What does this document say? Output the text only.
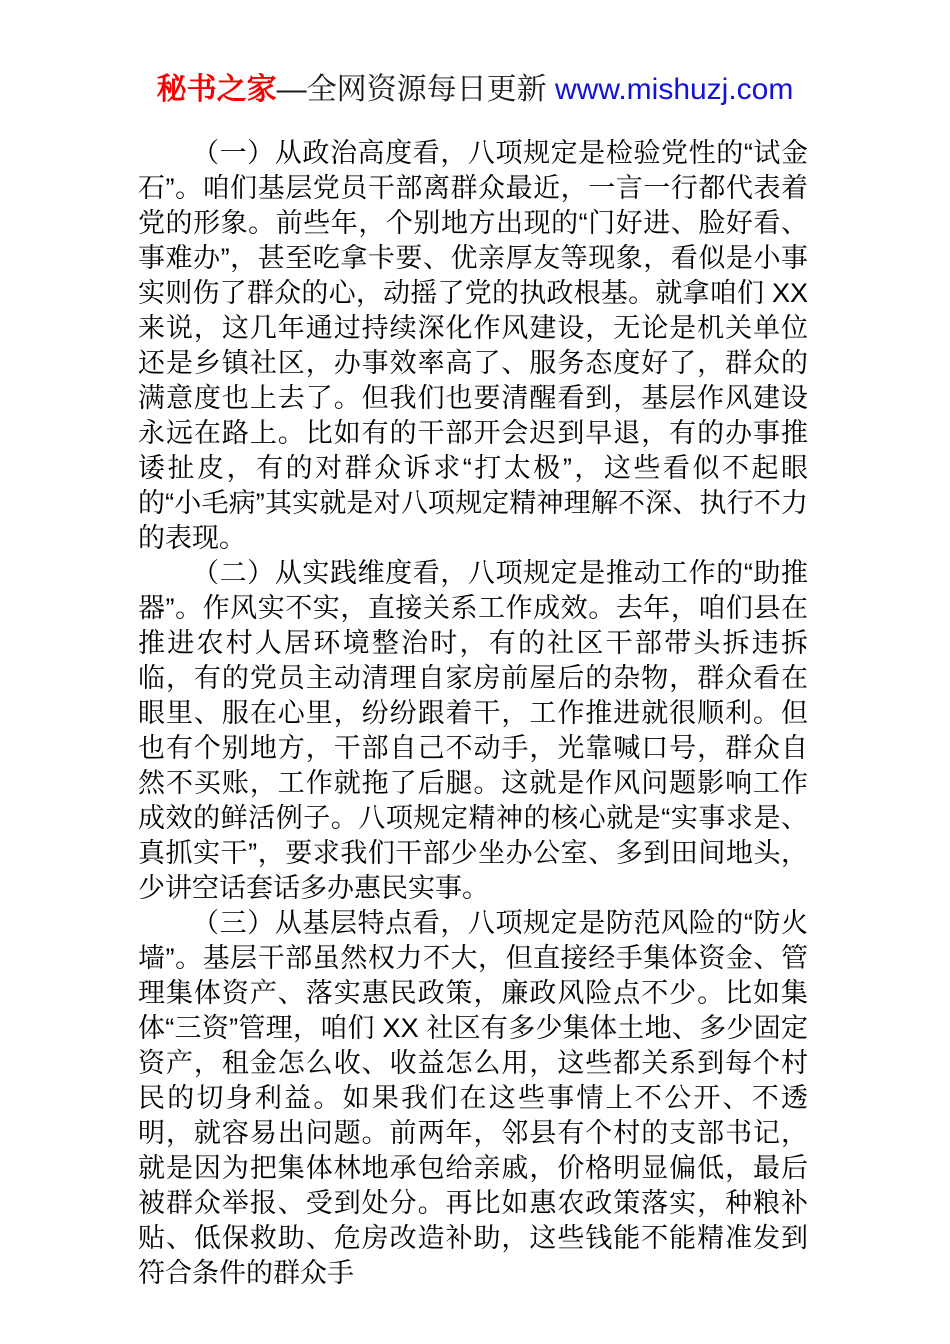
秘书之家—全网资源每日更新 www.mishuzj.com

（一）从政治高度看，八项规定是检验党性的“试金石”。咱们基层党员干部离群众最近，一言一行都代表着党的形象。前些年，个别地方出现的“门好进、脸好看、事难办”，甚至吃拿卡要、优亲厚友等现象，看似是小事实则伤了群众的心，动摇了党的执政根基。就拿咱们 XX 来说，这几年通过持续深化作风建设，无论是机关单位还是乡镇社区，办事效率高了、服务态度好了，群众的满意度也上去了。但我们也要清醒看到，基层作风建设永远在路上。比如有的干部开会迟到早退，有的办事推诿扯皮，有的对群众诉求“打太极”，这些看似不起眼的“小毛病”其实就是对八项规定精神理解不深、执行不力的表现。

（二）从实践维度看，八项规定是推动工作的“助推器”。作风实不实，直接关系工作成效。去年，咱们县在推进农村人居环境整治时，有的社区干部带头拆违拆临，有的党员主动清理自家房前屋后的杂物，群众看在眼里、服在心里，纷纷跟着干，工作推进就很顺利。但也有个别地方，干部自己不动手，光靠喊口号，群众自然不买账，工作就拖了后腿。这就是作风问题影响工作成效的鲜活例子。八项规定精神的核心就是“实事求是、真抓实干”，要求我们干部少坐办公室、多到田间地头，少讲空话套话多办惠民实事。

（三）从基层特点看，八项规定是防范风险的“防火墙”。基层干部虽然权力不大，但直接经手集体资金、管理集体资产、落实惠民政策，廉政风险点不少。比如集体“三资”管理，咱们 XX 社区有多少集体土地、多少固定资产，租金怎么收、收益怎么用，这些都关系到每个村民的切身利益。如果我们在这些事情上不公开、不透明，就容易出问题。前两年，邻县有个村的支部书记，就是因为把集体林地承包给亲戚，价格明显偏低，最后被群众举报、受到处分。再比如惠农政策落实，种粮补贴、低保救助、危房改造补助，这些钱能不能精准发到符合条件的群众手
